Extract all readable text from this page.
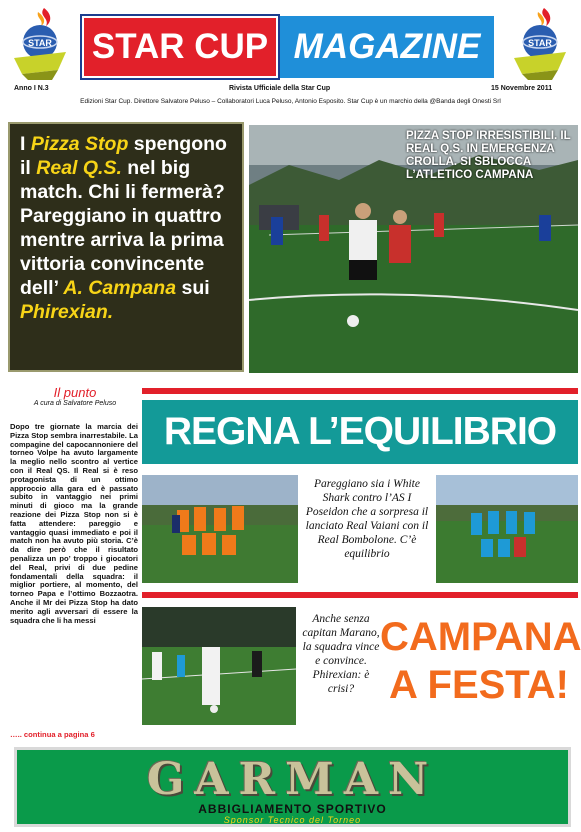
STAR	STAR
STAR CUP MAGAZINE
Anno I N.3	Rivista Ufficiale della Star Cup	15 Novembre 2011
Edizioni Star Cup. Direttore Salvatore Peluso – Collaboratori Luca Peluso, Antonio Esposito. Star Cup è un marchio della @Banda degli Onesti Srl
I Pizza Stop spengono il Real Q.S. nel big match. Chi li fermerà? Pareggiano in quattro mentre arriva la prima vittoria convincente dell’ A. Campana sui Phirexian.
PIZZA STOP IRRESISTIBILI. IL REAL Q.S. IN EMERGENZA CROLLA. SI SBLOCCA L’ATLETICO CAMPANA
Il punto
A cura di Salvatore Peluso
Dopo tre giornate la marcia dei Pizza Stop sembra inarrestabile. La compagine del capocannoniere del torneo Volpe ha avuto largamente la meglio nello scontro al vertice con il Real QS. Il Real si è reso protagonista di un ottimo approccio alla gara ed è passato subito in vantaggio nei primi minuti di gioco ma la grande reazione dei Pizza Stop non si è fatta attendere: pareggio e vantaggio quasi immediato e poi il match non ha avuto più storia. C’è da dire però che il risultato penalizza un po’ troppo i giocatori del Real, privi di due pedine fondamentali della squadra: il miglior portiere, al momento, del torneo Papa e l’ottimo Bozzaotra. Anche il Mr dei Pizza Stop ha dato merito agli avversari di essere la squadra che li ha messi
….. continua a pagina 6
REGNA L’EQUILIBRIO
Pareggiano sia i White Shark contro l’AS I Poseidon che a sorpresa il lanciato Real Vaiani con il Real Bombolone. C’è equilibrio
Anche senza capitan Marano, la squadra vince e convince. Phirexian: è crisi?
CAMPANA
A FESTA!
GARMAN
ABBIGLIAMENTO SPORTIVO
Sponsor Tecnico del Torneo
